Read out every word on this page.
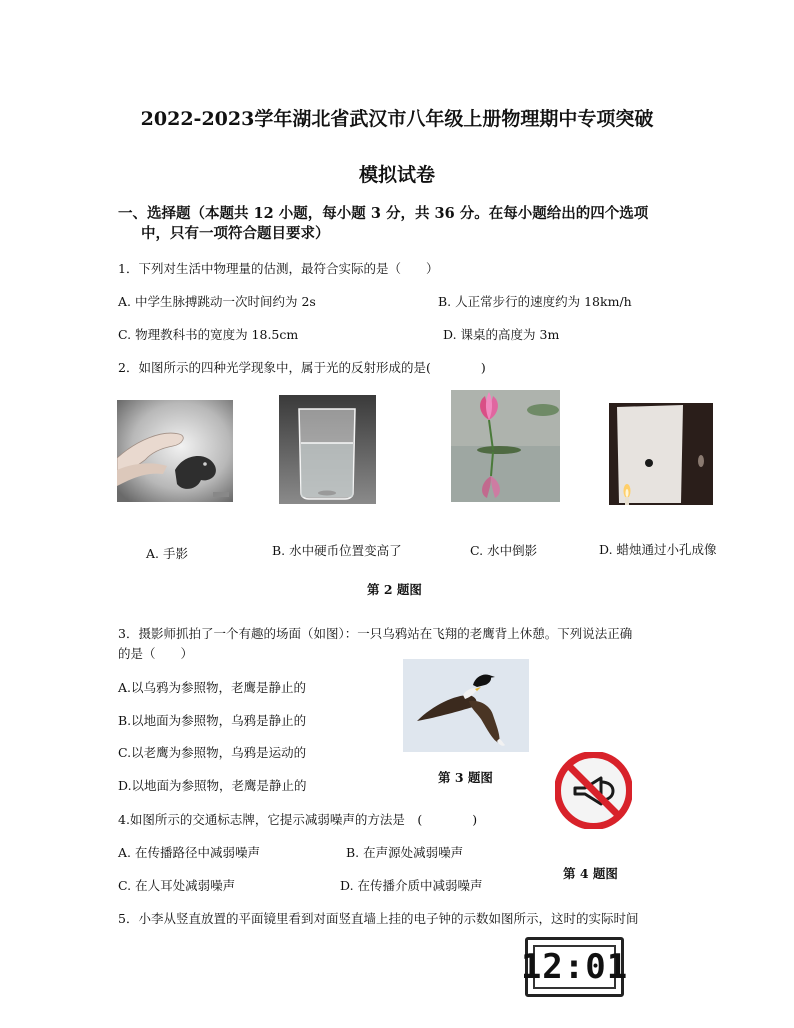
2022-2023学年湖北省武汉市八年级上册物理期中专项突破
模拟试卷
一、选择题（本题共 12 小题，每小题 3 分，共 36 分。在每小题给出的四个选项
中，只有一项符合题目要求）
1．下列对生活中物理量的估测，最符合实际的是（　　）
A. 中学生脉搏跳动一次时间约为 2s	B. 人正常步行的速度约为 18km/h
C. 物理教科书的宽度为 18.5cm	D. 课桌的高度为 3m
2．如图所示的四种光学现象中，属于光的反射形成的是(　　　　)
A. 手影	B. 水中硬币位置变高了	C. 水中倒影	D. 蜡烛通过小孔成像
第 2 题图
3．摄影师抓拍了一个有趣的场面（如图）：一只乌鸦站在飞翔的老鹰背上休憩。下列说法正确
的是（　　）
A.以乌鸦为参照物，老鹰是静止的
B.以地面为参照物，乌鸦是静止的
C.以老鹰为参照物，乌鸦是运动的
D.以地面为参照物，老鹰是静止的
第 3 题图
4.如图所示的交通标志牌，它提示减弱噪声的方法是　(　　　　)
A. 在传播路径中减弱噪声	B. 在声源处减弱噪声
第 4 题图
C. 在人耳处减弱噪声	D. 在传播介质中减弱噪声
5．小李从竖直放置的平面镜里看到对面竖直墙上挂的电子钟的示数如图所示，这时的实际时间
12:01
